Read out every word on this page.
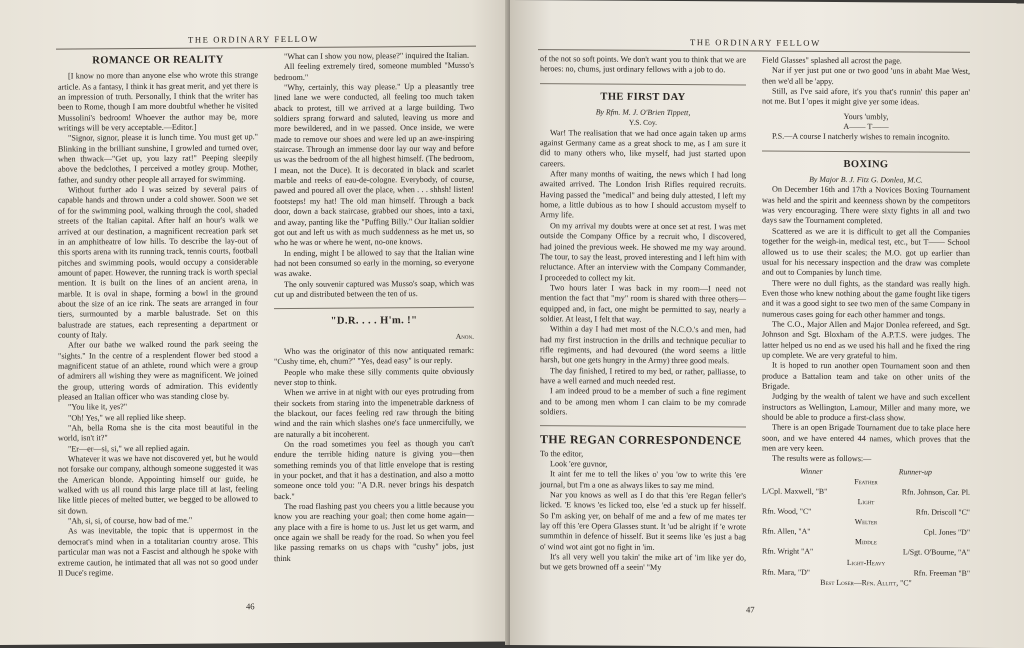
THE ORDINARY FELLOW
ROMANCE OR REALITY

[I know no more than anyone else who wrote this strange article. As a fantasy, I think it has great merit, and yet there is an impression of truth. Personally, I think that the writer has been to Rome, though I am more doubtful whether he visited Mussolini's bedroom! Whoever the author may be, more writings will be very acceptable.—Editor.]

"Signor, signor, please it is lunch time. You must get up." Blinking in the brilliant sunshine, I growled and turned over, when thwack—"Get up, you lazy rat!" Peeping sleepily above the bedclothes, I perceived a motley group. Mother, father, and sundry other people all arrayed for swimming.

Without further ado I was seized by several pairs of capable hands and thrown under a cold shower. Soon we set of for the swimming pool, walking through the cool, shaded streets of the Italian capital. After half an hour's walk we arrived at our destination, a magnificent recreation park set in an amphitheatre of low hills. To describe the lay-out of this sports arena with its running track, tennis courts, football pitches and swimming pools, would occupy a considerable amount of paper. However, the running track is worth special mention. It is built on the lines of an ancient arena, in marble. It is oval in shape, forming a bowl in the ground about the size of an ice rink. The seats are arranged in four tiers, surmounted by a marble balustrade. Set on this balustrade are statues, each representing a department or county of Italy.

After our bathe we walked round the park seeing the "sights." In the centre of a resplendent flower bed stood a magnificent statue of an athlete, round which were a group of admirers all wishing they were as magnificent. We joined the group, uttering words of admiration. This evidently pleased an Italian officer who was standing close by.

"You like it, yes?"

"Oh! Yes," we all replied like sheep.

"Ah, bella Roma she is the cita most beautiful in the world, isn't it?"

"Er—er—si, si," we all replied again.

Whatever it was we have not discovered yet, but he would not forsake our company, although someone suggested it was the American blonde. Appointing himself our guide, he walked with us all round this large place till at last, feeling like little pieces of melted butter, we begged to be allowed to sit down.

"Ah, si, si, of course, how bad of me."

As was inevitable, the topic that is uppermost in the democrat's mind when in a totalitarian country arose. This particular man was not a Fascist and although he spoke with extreme caution, he intimated that all was not so good under Il Duce's regime.

"What can I show you now, please?" inquired the Italian.

All feeling extremely tired, someone mumbled "Musso's bedroom."

"Why, certainly, this way please." Up a pleasantly tree lined lane we were conducted, all feeling too much taken aback to protest, till we arrived at a large building. Two soldiers sprang forward and saluted, leaving us more and more bewildered, and in we passed. Once inside, we were made to remove our shoes and were led up an awe-inspiring staircase. Through an immense door lay our way and before us was the bedroom of the all highest himself. (The bedroom, I mean, not the Duce). It is decorated in black and scarlet marble and reeks of eau-de-cologne. Everybody, of course, pawed and poured all over the place, when . . . shhsh! listen! footsteps! my hat! The old man himself. Through a back door, down a back staircase, grabbed our shoes, into a taxi, and away, panting like the "Puffing Billy." Our Italian soldier got out and left us with as much suddenness as he met us, so who he was or where he went, no-one knows.

In ending, might I be allowed to say that the Italian wine had not been consumed so early in the morning, so everyone was awake.

The only souvenir captured was Musso's soap, which was cut up and distributed between the ten of us.

"D.R. . . . H'm. !"

Anon.

Who was the originator of this now antiquated remark: "Cushy time, eh, chum?" "Yes, dead easy" is our reply.

People who make these silly comments quite obviously never stop to think.

When we arrive in at night with our eyes protruding from their sockets from staring into the impenetrable darkness of the blackout, our faces feeling red raw through the biting wind and the rain which slashes one's face unmercifully, we are naturally a bit incoherent.

On the road sometimes you feel as though you can't endure the terrible hiding nature is giving you—then something reminds you of that little envelope that is resting in your pocket, and that it has a destination, and also a motto someone once told you: "A D.R. never brings his despatch back."

The road flashing past you cheers you a little because you know you are reaching your goal; then come home again—any place with a fire is home to us. Just let us get warm, and once again we shall be ready for the road. So when you feel like passing remarks on us chaps with "cushy" jobs, just think

46
THE ORDINARY FELLOW

of the not so soft points. We don't want you to think that we are heroes: no, chums, just ordinary fellows with a job to do.

THE FIRST DAY

By Rfm. M. J. O'Brien Tippett,

Y.S. Coy.

War! The realisation that we had once again taken up arms against Germany came as a great shock to me, as I am sure it did to many others who, like myself, had just started upon careers.

After many months of waiting, the news which I had long awaited arrived. The London Irish Rifles required recruits. Having passed the "medical" and being duly attested, I left my home, a little dubious as to how I should accustom myself to Army life.

On my arrival my doubts were at once set at rest. I was met outside the Company Office by a recruit who, I discovered, had joined the previous week. He showed me my way around. The tour, to say the least, proved interesting and I left him with reluctance. After an interview with the Company Commander, I proceeded to collect my kit.

Two hours later I was back in my room—I need not mention the fact that "my" room is shared with three others—equipped and, in fact, one might be permitted to say, nearly a soldier. At least, I felt that way.

Within a day I had met most of the N.C.O.'s and men, had had my first instruction in the drills and technique peculiar to rifle regiments, and had devoured (the word seems a little harsh, but one gets hungry in the Army) three good meals.

The day finished, I retired to my bed, or rather, palliasse, to have a well earned and much needed rest.

I am indeed proud to be a member of such a fine regiment and to be among men whom I can claim to be my comrade soldiers.

THE REGAN CORRESPONDENCE

To the editor,

Look 'ere guvnor,

It aint fer me to tell the likes o' you 'ow to write this 'ere journal, but I'm a one as always likes to say me mind.

Nar you knows as well as I do that this 'ere Regan feller's licked. 'E knows 'es licked too, else 'ed a stuck up fer hisself. So I'm asking yer, on behalf of me and a few of me mates ter lay off this 'ere Opera Glasses stunt. It 'ud be alright if 'e wrote summthin in defence of hisself. But it seems like 'es just a bag o' wind wot aint got no fight in 'im.

It's all very well you takin' the mike art of 'im like yer do, but we gets browned off a seein' "My

Field Glasses" splashed all acrost the page.

Nar if yer just put one or two good 'uns in abaht Mae West, then we'd all be 'appy.

Still, as I've said afore, it's you that's runnin' this paper an' not me. But I 'opes it might give yer some ideas.

Yours 'umbly,

A—— T——

P.S.—A course I natcherly wishes to remain incognito.

BOXING

By Major B. J. Fitz G. Donlea, M.C.

On December 16th and 17th a Novices Boxing Tournament was held and the spirit and keenness shown by the competitors was very encouraging. There were sixty fights in all and two days saw the Tournament completed.

Scattered as we are it is difficult to get all the Companies together for the weigh-in, medical test, etc., but T—— School allowed us to use their scales; the M.O. got up earlier than usual for his necessary inspection and the draw was complete and out to Companies by lunch time.

There were no dull fights, as the standard was really high. Even those who knew nothing about the game fought like tigers and it was a good sight to see two men of the same Company in numerous cases going for each other hammer and tongs.

The C.O., Major Allen and Major Donlea refereed, and Sgt. Johnson and Sgt. Bloxham of the A.P.T.S. were judges. The latter helped us no end as we used his hall and he fixed the ring up complete. We are very grateful to him.

It is hoped to run another open Tournament soon and then produce a Battalion team and take on other units of the Brigade.

Judging by the wealth of talent we have and such excellent instructors as Wellington, Lamour, Miller and many more, we should be able to produce a first-class show.

There is an open Brigade Tournament due to take place here soon, and we have entered 44 names, which proves that the men are very keen.

The results were as follows:—

Winner	Runner-up
Feather
L/Cpl. Maxwell, "B"	Rfn. Johnson, Car. Pl.
Light
Rfn. Wood, "C"	Rfn. Driscoll "C"
Welter
Rfn. Allen, "A"	Cpl. Jones "D"
Middle
Rfn. Wright "A"	L/Sgt. O'Bourne, "A"
Light-Heavy
Rfn. Mara, "D"	Rfn. Freeman "B"
Best Loser—Rfn. Allitt, "C"
47
